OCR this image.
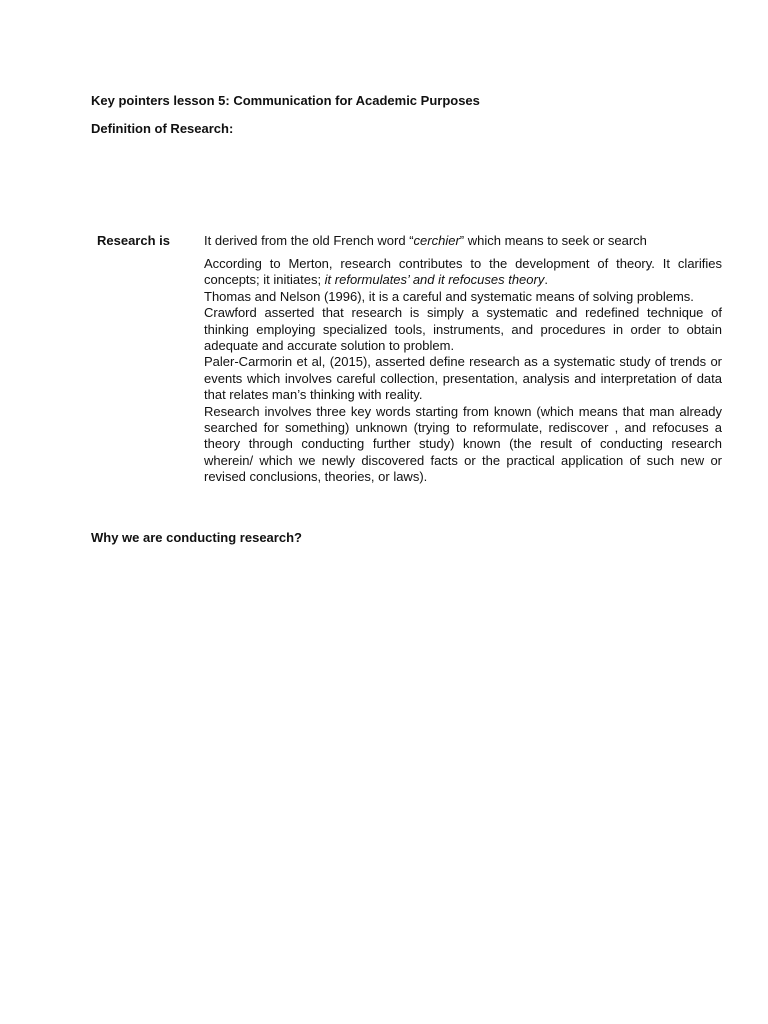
Key pointers lesson 5: Communication for Academic Purposes
Definition of Research:
Research is	It derived from the old French word “cerchier” which means to seek or search

According to Merton, research contributes to the development of theory. It clarifies concepts; it initiates; it reformulates’ and it refocuses theory.

Thomas and Nelson (1996), it is a careful and systematic means of solving problems.

Crawford asserted that research is simply a systematic and redefined technique of thinking employing specialized tools, instruments, and procedures in order to obtain adequate and accurate solution to problem.

Paler-Carmorin et al, (2015), asserted define research as a systematic study of trends or events which involves careful collection, presentation, analysis and interpretation of data that relates man’s thinking with reality.

Research involves three key words starting from known (which means that man already searched for something) unknown (trying to reformulate, rediscover , and refocuses a theory through conducting further study) known (the result of conducting research wherein/ which we newly discovered facts or the practical application of such new or revised conclusions, theories, or laws).

Why we are conducting research?
